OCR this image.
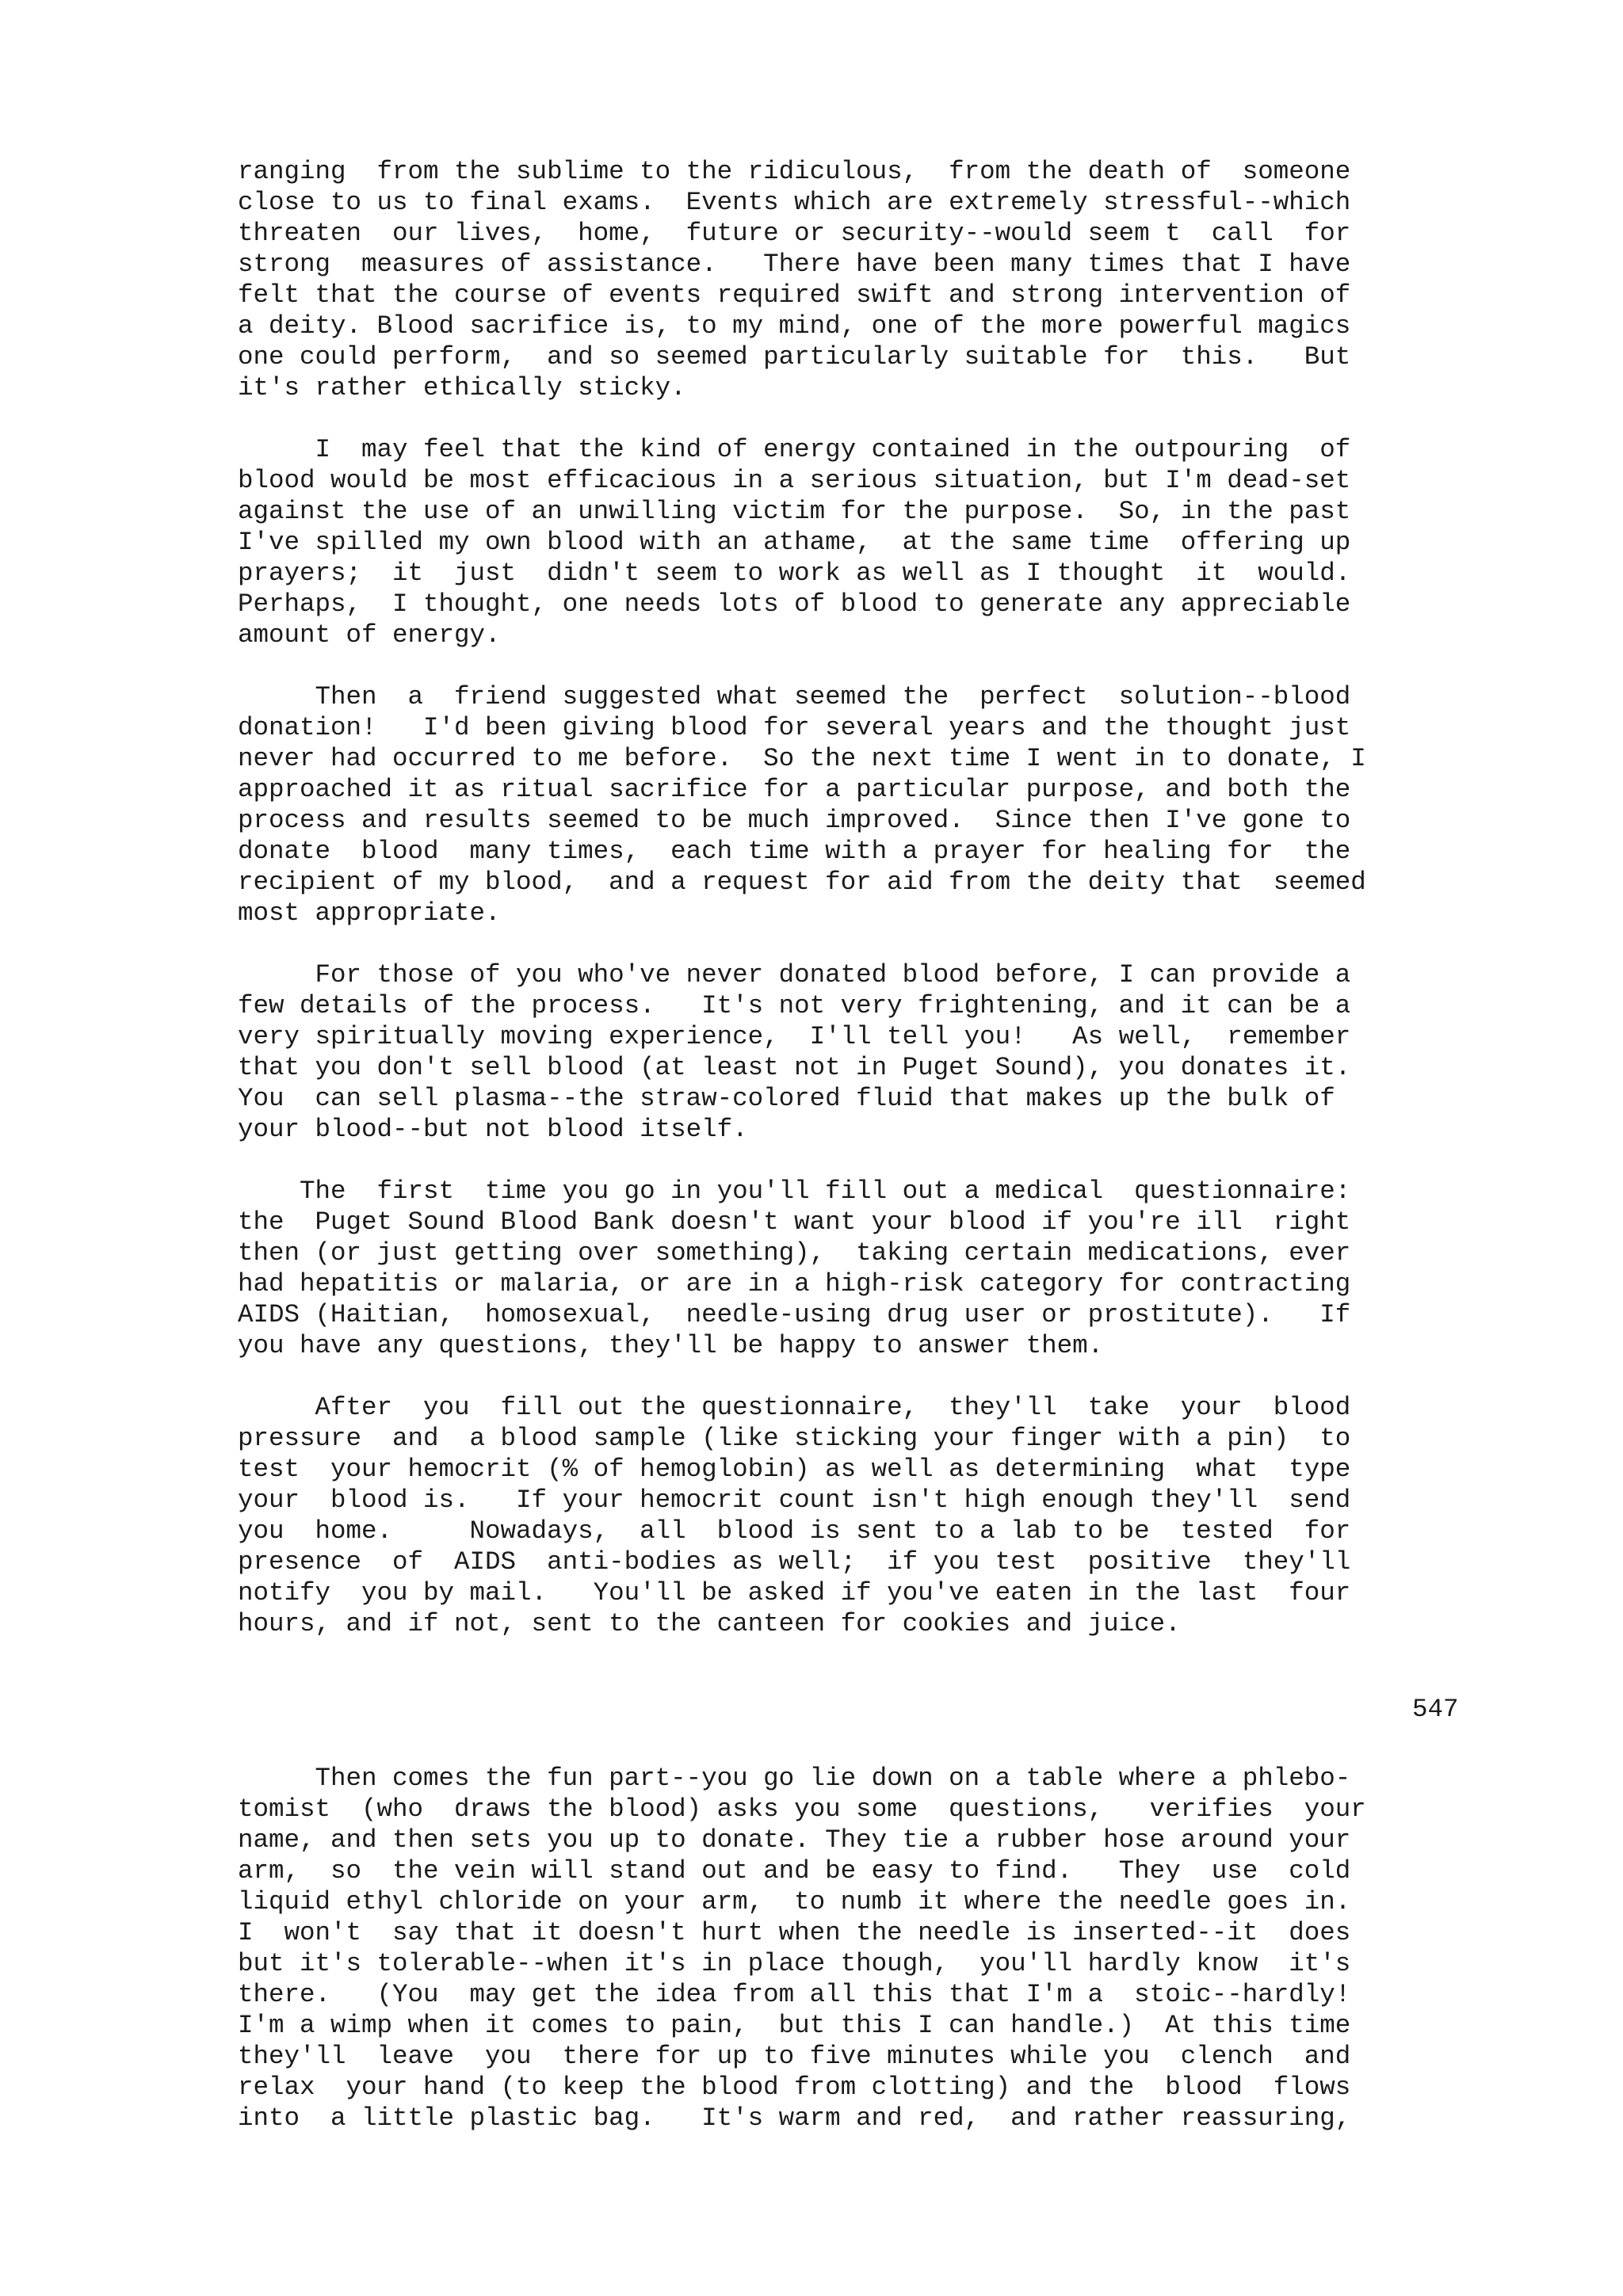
ranging  from the sublime to the ridiculous,  from the death of  someone
close to us to final exams.  Events which are extremely stressful--which
threaten  our lives,  home,  future or security--would seem t  call  for
strong  measures of assistance.   There have been many times that I have
felt that the course of events required swift and strong intervention of
a deity. Blood sacrifice is, to my mind, one of the more powerful magics
one could perform,  and so seemed particularly suitable for  this.   But
it's rather ethically sticky.

I  may feel that the kind of energy contained in the outpouring  of
blood would be most efficacious in a serious situation, but I'm dead-set
against the use of an unwilling victim for the purpose.  So, in the past
I've spilled my own blood with an athame,  at the same time  offering up
prayers;  it  just  didn't seem to work as well as I thought  it  would.
Perhaps,  I thought, one needs lots of blood to generate any appreciable
amount of energy.

Then  a  friend suggested what seemed the  perfect  solution--blood
donation!   I'd been giving blood for several years and the thought just
never had occurred to me before.  So the next time I went in to donate, I
approached it as ritual sacrifice for a particular purpose, and both the
process and results seemed to be much improved.  Since then I've gone to
donate  blood  many times,  each time with a prayer for healing for  the
recipient of my blood,  and a request for aid from the deity that  seemed
most appropriate.

For those of you who've never donated blood before, I can provide a
few details of the process.   It's not very frightening, and it can be a
very spiritually moving experience,  I'll tell you!   As well,  remember
that you don't sell blood (at least not in Puget Sound), you donates it.
You  can sell plasma--the straw-colored fluid that makes up the bulk of
your blood--but not blood itself.

The  first  time you go in you'll fill out a medical  questionnaire:
the  Puget Sound Blood Bank doesn't want your blood if you're ill  right
then (or just getting over something),  taking certain medications, ever
had hepatitis or malaria, or are in a high-risk category for contracting
AIDS (Haitian,  homosexual,  needle-using drug user or prostitute).   If
you have any questions, they'll be happy to answer them.

After  you  fill out the questionnaire,  they'll  take  your  blood
pressure  and  a blood sample (like sticking your finger with a pin)  to
test  your hemocrit (% of hemoglobin) as well as determining  what  type
your  blood is.   If your hemocrit count isn't high enough they'll  send
you  home.     Nowadays,  all  blood is sent to a lab to be  tested  for
presence  of  AIDS  anti-bodies as well;  if you test  positive  they'll
notify  you by mail.   You'll be asked if you've eaten in the last  four
hours, and if not, sent to the canteen for cookies and juice.

547

Then comes the fun part--you go lie down on a table where a phlebo-
tomist  (who  draws the blood) asks you some  questions,   verifies  your
name, and then sets you up to donate. They tie a rubber hose around your
arm,  so  the vein will stand out and be easy to find.   They  use  cold
liquid ethyl chloride on your arm,  to numb it where the needle goes in.
I  won't  say that it doesn't hurt when the needle is inserted--it  does
but it's tolerable--when it's in place though,  you'll hardly know  it's
there.   (You  may get the idea from all this that I'm a  stoic--hardly!
I'm a wimp when it comes to pain,  but this I can handle.)  At this time
they'll  leave  you  there for up to five minutes while you  clench  and
relax  your hand (to keep the blood from clotting) and the  blood  flows
into  a little plastic bag.   It's warm and red,  and rather reassuring,
